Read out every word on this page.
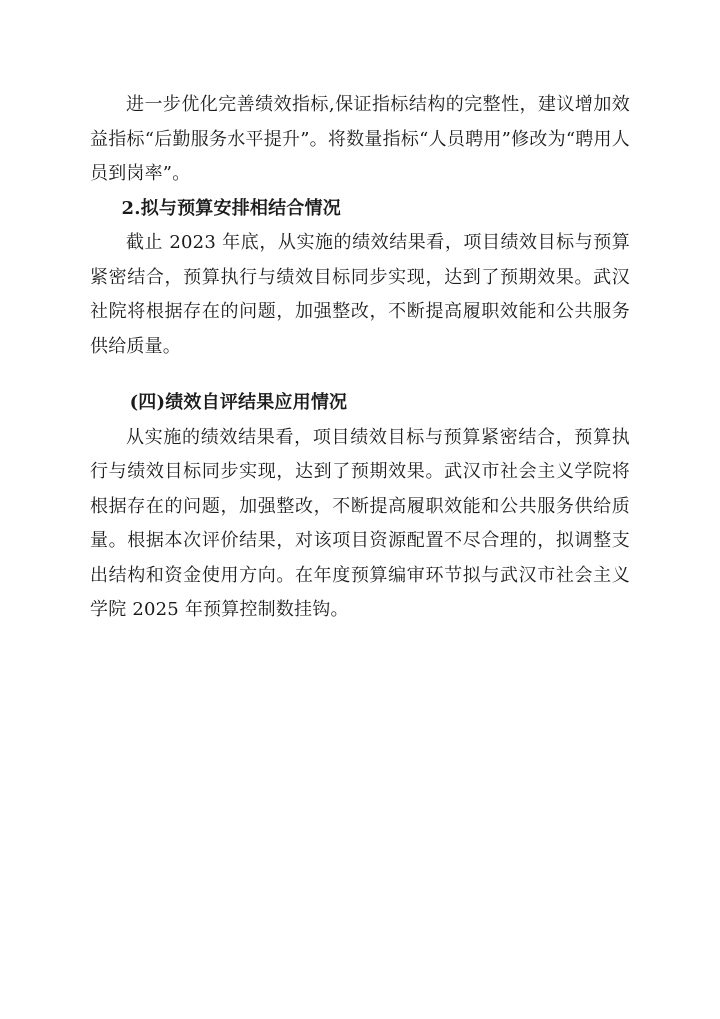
进一步优化完善绩效指标,保证指标结构的完整性，建议增加效益指标“后勤服务水平提升”。将数量指标“人员聘用”修改为“聘用人员到岗率”。

2.拟与预算安排相结合情况

截止 2023 年底，从实施的绩效结果看，项目绩效目标与预算紧密结合，预算执行与绩效目标同步实现，达到了预期效果。武汉社院将根据存在的问题，加强整改，不断提高履职效能和公共服务供给质量。

(四)绩效自评结果应用情况

从实施的绩效结果看，项目绩效目标与预算紧密结合，预算执行与绩效目标同步实现，达到了预期效果。武汉市社会主义学院将根据存在的问题，加强整改，不断提高履职效能和公共服务供给质量。根据本次评价结果，对该项目资源配置不尽合理的，拟调整支出结构和资金使用方向。在年度预算编审环节拟与武汉市社会主义学院 2025 年预算控制数挂钩。
